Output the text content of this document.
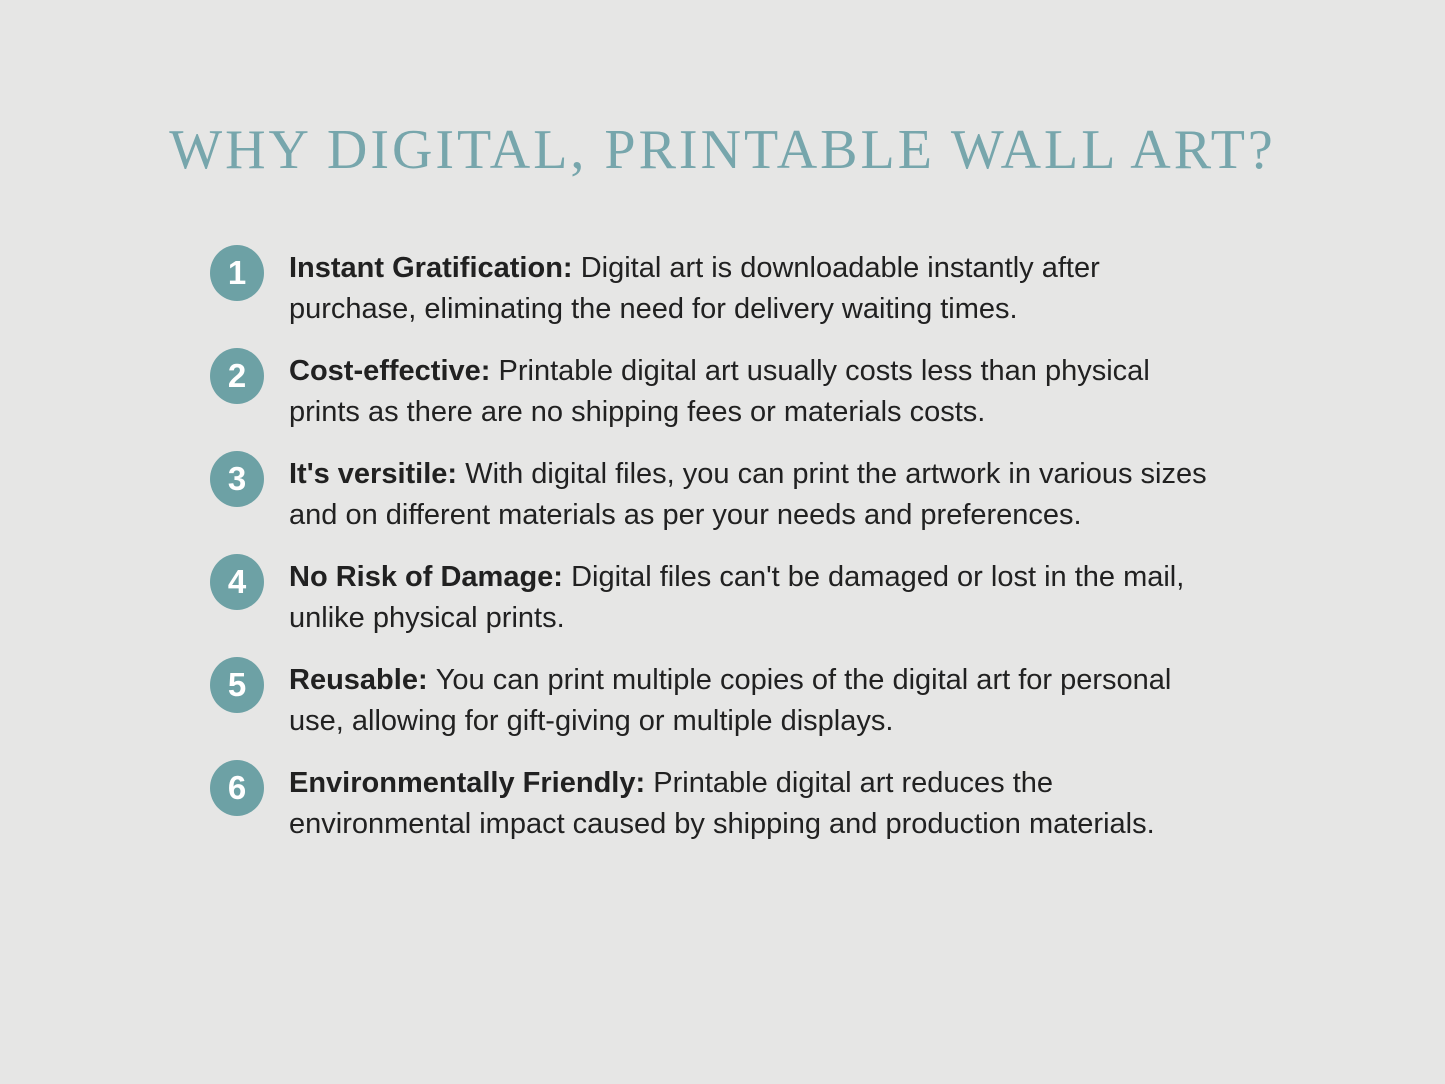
WHY DIGITAL, PRINTABLE WALL ART?
1 Instant Gratification: Digital art is downloadable instantly after purchase, eliminating the need for delivery waiting times.

2 Cost-effective: Printable digital art usually costs less than physical prints as there are no shipping fees or materials costs.

3 It's versitile: With digital files, you can print the artwork in various sizes and on different materials as per your needs and preferences.

4 No Risk of Damage: Digital files can't be damaged or lost in the mail, unlike physical prints.

5 Reusable: You can print multiple copies of the digital art for personal use, allowing for gift-giving or multiple displays.

6 Environmentally Friendly: Printable digital art reduces the environmental impact caused by shipping and production materials.
